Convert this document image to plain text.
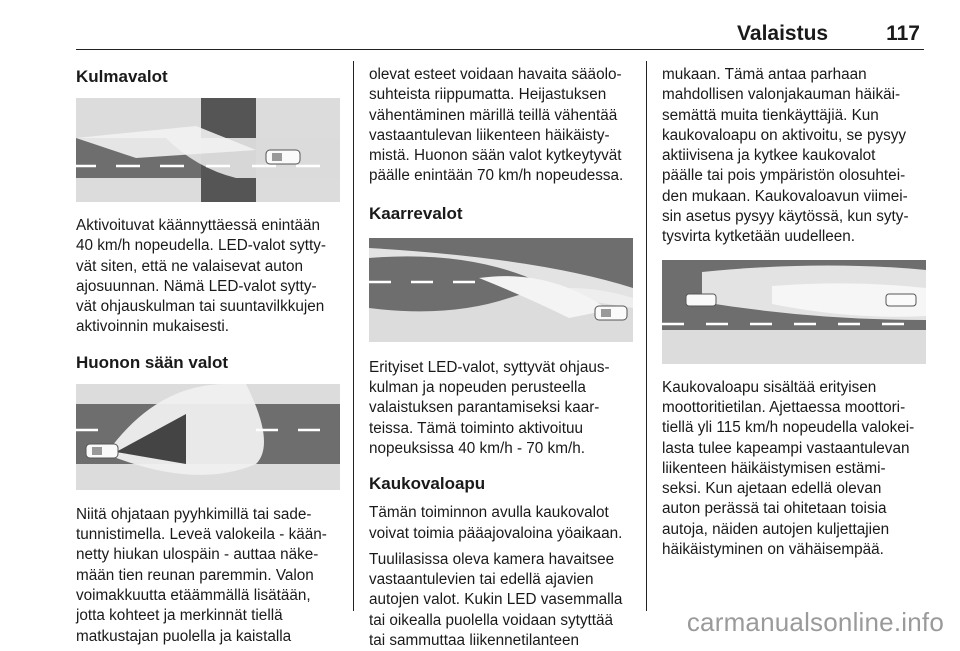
Valaistus	117

Kulmavalot

Aktivoituvat käännyttäessä enintään
40 km/h nopeudella. LED-valot sytty-
vät siten, että ne valaisevat auton
ajosuunnan. Nämä LED-valot sytty-
vät ohjauskulman tai suuntavilkkujen
aktivoinnin mukaisesti.

Huonon sään valot

Niitä ohjataan pyyhkimillä tai sade-
tunnistimella. Leveä valokeila - kään-
netty hiukan ulospäin - auttaa näke-
mään tien reunan paremmin. Valon
voimakkuutta etäämmällä lisätään,
jotta kohteet ja merkinnät tiellä
matkustajan puolella ja kaistalla

olevat esteet voidaan havaita sääolo-
suhteista riippumatta. Heijastuksen
vähentäminen märillä teillä vähentää
vastaantulevan liikenteen häikäisty-
mistä. Huonon sään valot kytkeytyvät
päälle enintään 70 km/h nopeudessa.

Kaarrevalot

Erityiset LED-valot, syttyvät ohjaus-
kulman ja nopeuden perusteella
valaistuksen parantamiseksi kaar-
teissa. Tämä toiminto aktivoituu
nopeuksissa 40 km/h - 70 km/h.

Kaukovaloapu

Tämän toiminnon avulla kaukovalot
voivat toimia pääajovaloina yöaikaan.

Tuulilasissa oleva kamera havaitsee
vastaantulevien tai edellä ajavien
autojen valot. Kukin LED vasemmalla
tai oikealla puolella voidaan sytyttää
tai sammuttaa liikennetilanteen

mukaan. Tämä antaa parhaan
mahdollisen valonjakauman häikäi-
semättä muita tienkäyttäjiä. Kun
kaukovaloapu on aktivoitu, se pysyy
aktiivisena ja kytkee kaukovalot
päälle tai pois ympäristön olosuhtei-
den mukaan. Kaukovaloavun viimei-
sin asetus pysyy käytössä, kun syty-
tysvirta kytketään uudelleen.

Kaukovaloapu sisältää erityisen
moottoritietilan. Ajettaessa moottori-
tiellä yli 115 km/h nopeudella valokei-
lasta tulee kapeampi vastaantulevan
liikenteen häikäistymisen estämi-
seksi. Kun ajetaan edellä olevan
auton perässä tai ohitetaan toisia
autoja, näiden autojen kuljettajien
häikäistyminen on vähäisempää.

carmanualsonline.info
